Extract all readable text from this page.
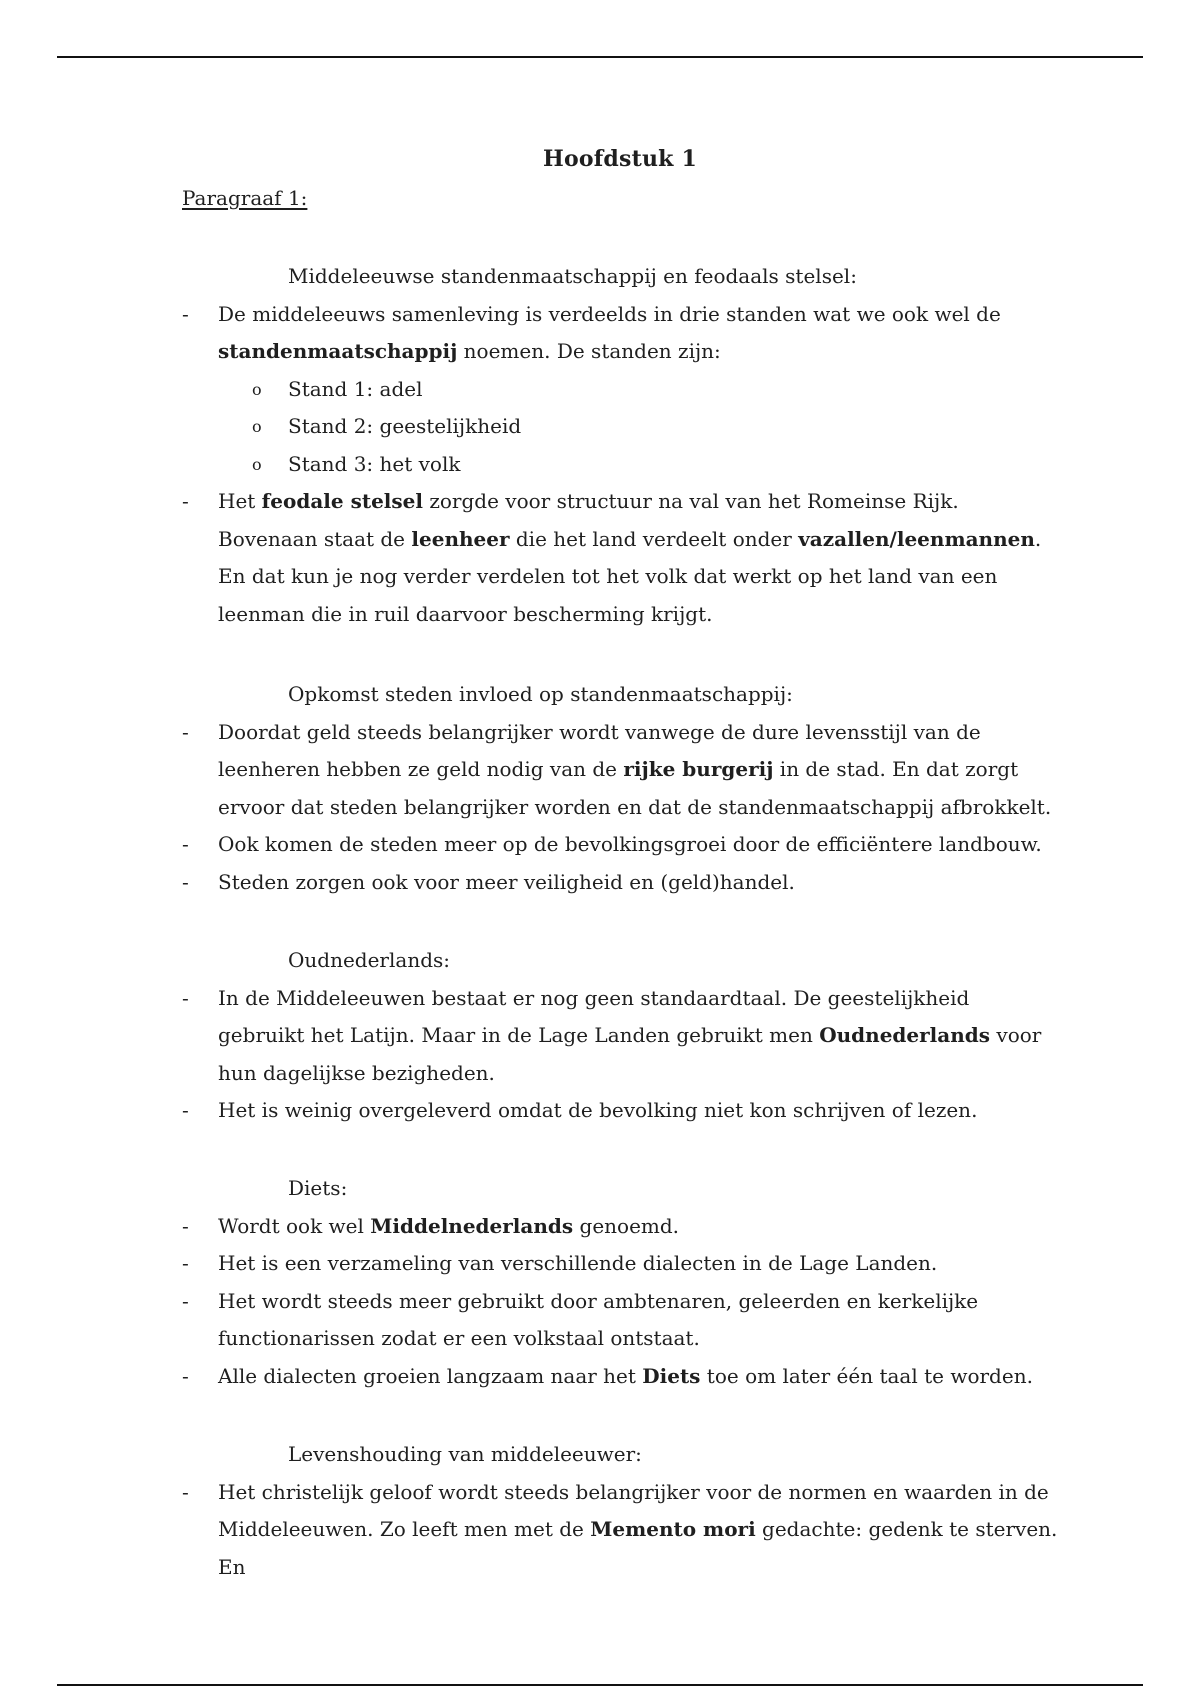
Hoofdstuk 1
Paragraaf 1:
Middeleeuwse standenmaatschappij en feodaals stelsel:
-	De middeleeuws samenleving is verdeelds in drie standen wat we ook wel de standenmaatschappij noemen. De standen zijn:
o	Stand 1: adel
o	Stand 2: geestelijkheid
o	Stand 3: het volk
-	Het feodale stelsel zorgde voor structuur na val van het Romeinse Rijk. Bovenaan staat de leenheer die het land verdeelt onder vazallen/leenmannen. En dat kun je nog verder verdelen tot het volk dat werkt op het land van een leenman die in ruil daarvoor bescherming krijgt.
Opkomst steden invloed op standenmaatschappij:
-	Doordat geld steeds belangrijker wordt vanwege de dure levensstijl van de leenheren hebben ze geld nodig van de rijke burgerij in de stad. En dat zorgt ervoor dat steden belangrijker worden en dat de standenmaatschappij afbrokkelt.
-	Ook komen de steden meer op de bevolkingsgroei door de efficiëntere landbouw.
-	Steden zorgen ook voor meer veiligheid en (geld)handel.
Oudnederlands:
-	In de Middeleeuwen bestaat er nog geen standaardtaal. De geestelijkheid gebruikt het Latijn. Maar in de Lage Landen gebruikt men Oudnederlands voor hun dagelijkse bezigheden.
-	Het is weinig overgeleverd omdat de bevolking niet kon schrijven of lezen.
Diets:
-	Wordt ook wel Middelnederlands genoemd.
-	Het is een verzameling van verschillende dialecten in de Lage Landen.
-	Het wordt steeds meer gebruikt door ambtenaren, geleerden en kerkelijke functionarissen zodat er een volkstaal ontstaat.
-	Alle dialecten groeien langzaam naar het Diets toe om later één taal te worden.
Levenshouding van middeleeuwer:
-	Het christelijk geloof wordt steeds belangrijker voor de normen en waarden in de Middeleeuwen. Zo leeft men met de Memento mori gedachte: gedenk te sterven. En
